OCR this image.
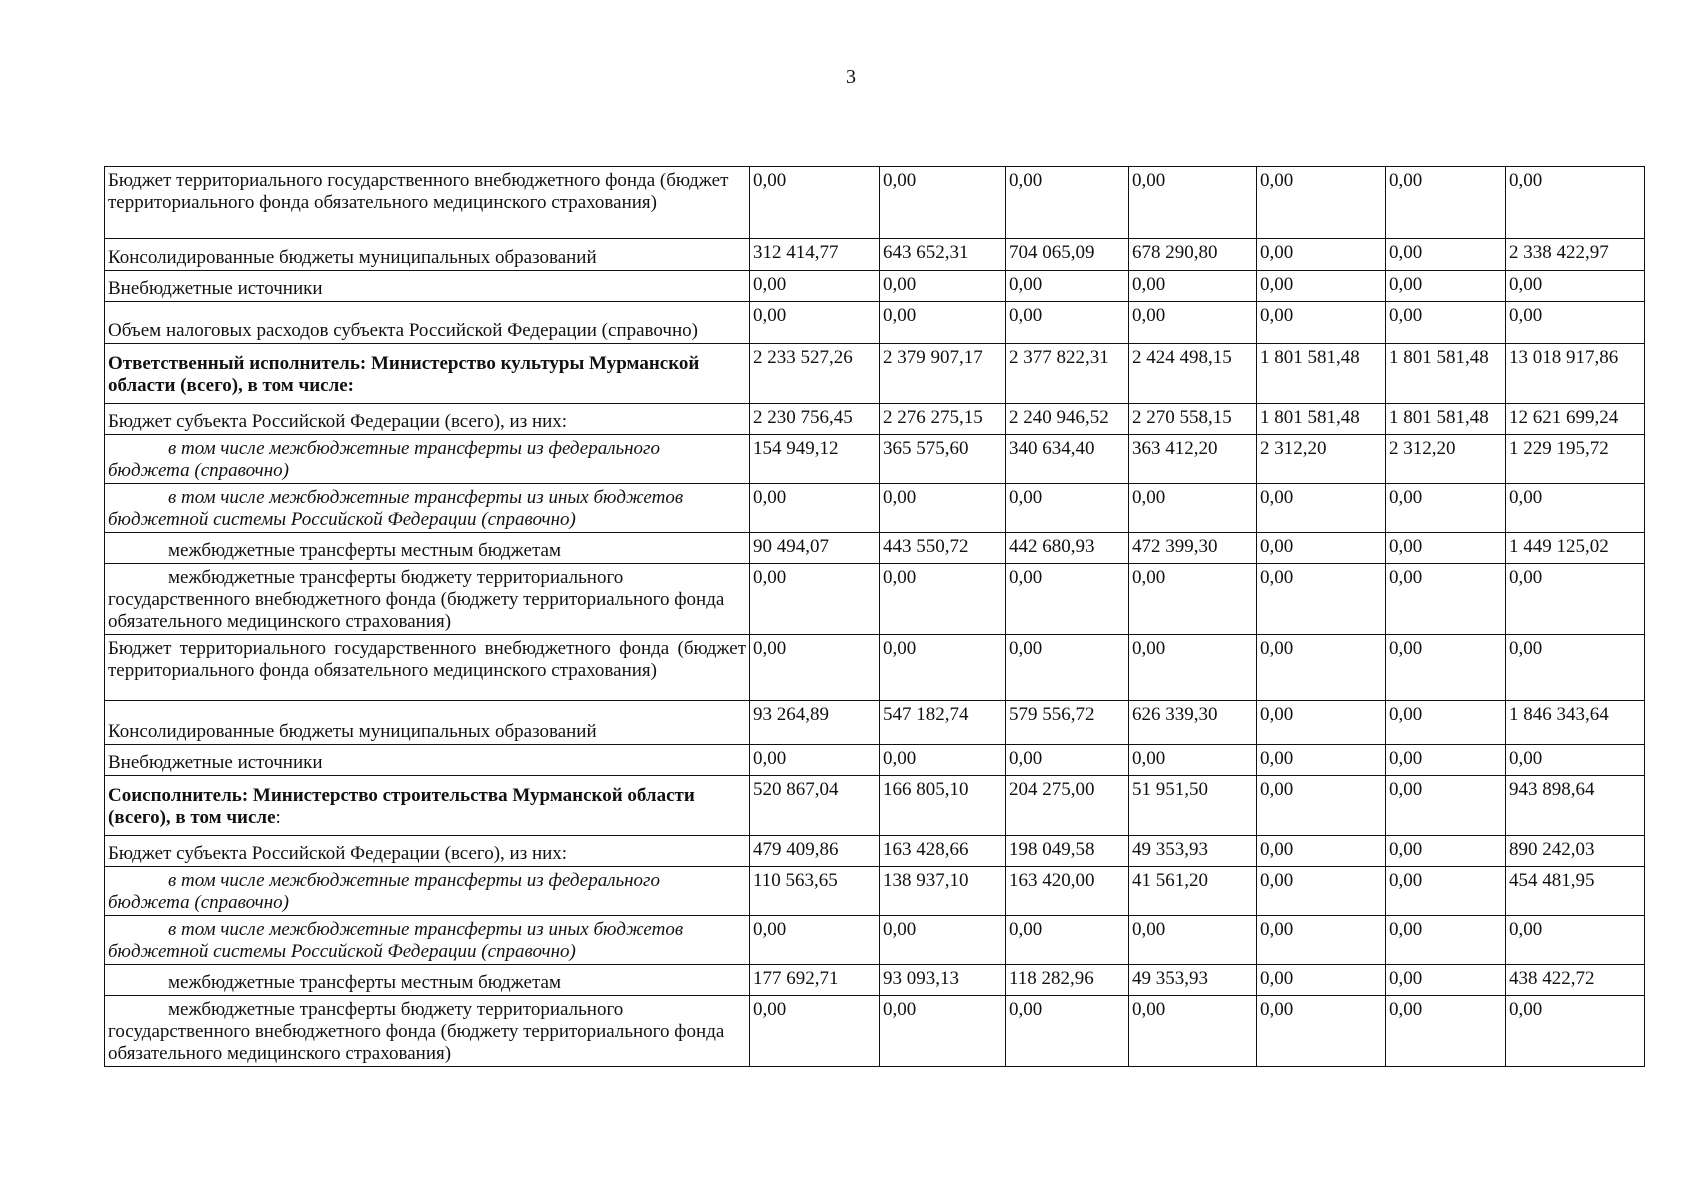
3
Бюджет территориального государственного внебюджетного фонда (бюджет территориального фонда обязательного медицинского страхования)	0,00	0,00	0,00	0,00	0,00	0,00	0,00
Консолидированные бюджеты муниципальных образований	312 414,77	643 652,31	704 065,09	678 290,80	0,00	0,00	2 338 422,97
Внебюджетные источники	0,00	0,00	0,00	0,00	0,00	0,00	0,00
Объем налоговых расходов субъекта Российской Федерации (справочно)	0,00	0,00	0,00	0,00	0,00	0,00	0,00
Ответственный исполнитель: Министерство культуры Мурманской области (всего), в том числе:	2 233 527,26	2 379 907,17	2 377 822,31	2 424 498,15	1 801 581,48	1 801 581,48	13 018 917,86
Бюджет субъекта Российской Федерации (всего), из них:	2 230 756,45	2 276 275,15	2 240 946,52	2 270 558,15	1 801 581,48	1 801 581,48	12 621 699,24
в том числе межбюджетные трансферты из федерального бюджета (справочно)	154 949,12	365 575,60	340 634,40	363 412,20	2 312,20	2 312,20	1 229 195,72
в том числе межбюджетные трансферты из иных бюджетов бюджетной системы Российской Федерации (справочно)	0,00	0,00	0,00	0,00	0,00	0,00	0,00
межбюджетные трансферты местным бюджетам	90 494,07	443 550,72	442 680,93	472 399,30	0,00	0,00	1 449 125,02
межбюджетные трансферты бюджету территориального государственного внебюджетного фонда (бюджету территориального фонда обязательного медицинского страхования)	0,00	0,00	0,00	0,00	0,00	0,00	0,00
Бюджет территориального государственного внебюджетного фонда (бюджет территориального фонда обязательного медицинского страхования)	0,00	0,00	0,00	0,00	0,00	0,00	0,00
Консолидированные бюджеты муниципальных образований	93 264,89	547 182,74	579 556,72	626 339,30	0,00	0,00	1 846 343,64
Внебюджетные источники	0,00	0,00	0,00	0,00	0,00	0,00	0,00
Соисполнитель: Министерство строительства Мурманской области (всего), в том числе:	520 867,04	166 805,10	204 275,00	51 951,50	0,00	0,00	943 898,64
Бюджет субъекта Российской Федерации (всего), из них:	479 409,86	163 428,66	198 049,58	49 353,93	0,00	0,00	890 242,03
в том числе межбюджетные трансферты из федерального бюджета (справочно)	110 563,65	138 937,10	163 420,00	41 561,20	0,00	0,00	454 481,95
в том числе межбюджетные трансферты из иных бюджетов бюджетной системы Российской Федерации (справочно)	0,00	0,00	0,00	0,00	0,00	0,00	0,00
межбюджетные трансферты местным бюджетам	177 692,71	93 093,13	118 282,96	49 353,93	0,00	0,00	438 422,72
межбюджетные трансферты бюджету территориального государственного внебюджетного фонда (бюджету территориального фонда обязательного медицинского страхования)	0,00	0,00	0,00	0,00	0,00	0,00	0,00
